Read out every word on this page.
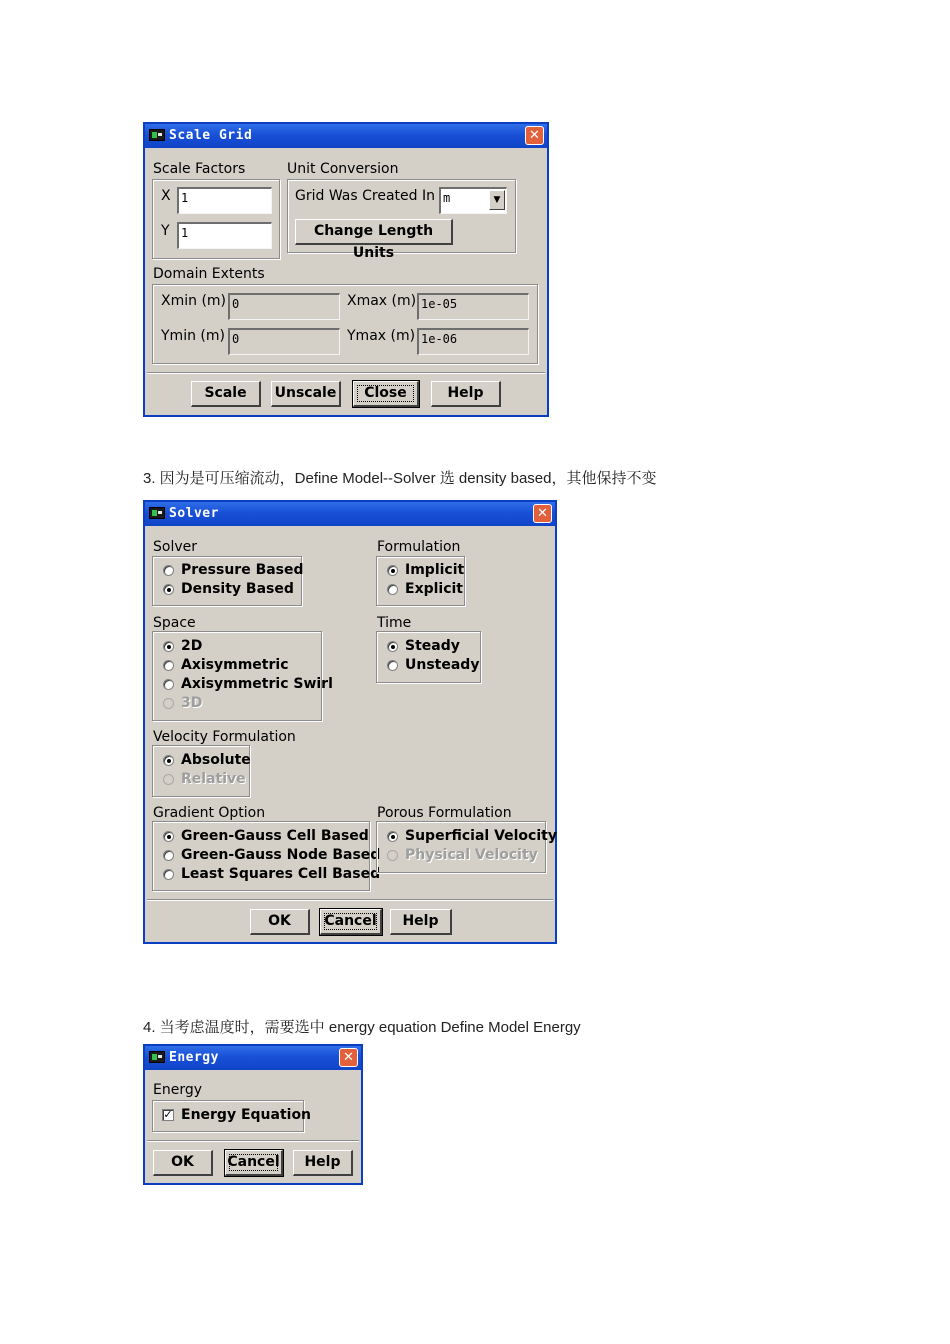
Scale Grid	✕
Scale Factors
X 1
Y 1
Unit Conversion
Grid Was Created In m	▼
Change Length Units
Domain Extents
Xmin (m) 0	Xmax (m) 1e-05
Ymin (m) 0	Ymax (m) 1e-06
Scale	Unscale	Close	Help
3. 因为是可压缩流动，Define Model--Solver 选 density based，其他保持不变
Solver	✕
Solver
Pressure Based
Density Based
Formulation
Implicit
Explicit
Space
2D
Axisymmetric
Axisymmetric Swirl
3D
Time
Steady
Unsteady
Velocity Formulation
Absolute
Relative
Gradient Option
Green-Gauss Cell Based
Green-Gauss Node Based
Least Squares Cell Based
Porous Formulation
Superficial Velocity
Physical Velocity
OK	Cancel	Help
4. 当考虑温度时，需要选中 energy equation Define Model Energy
Energy	✕
Energy
✓ Energy Equation
OK	Cancel	Help
